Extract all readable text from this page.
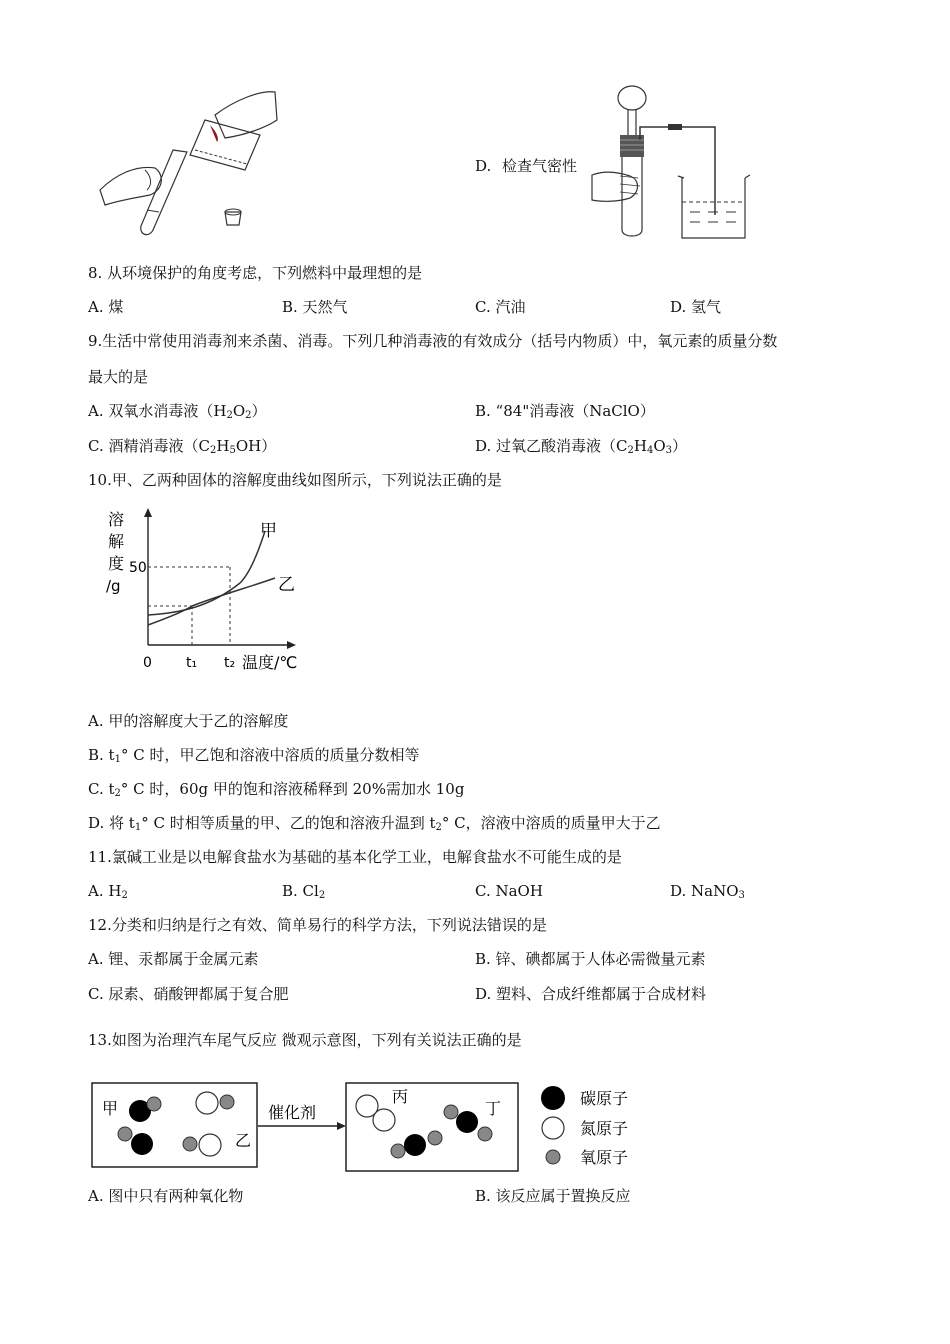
D. 检查气密性
8. 从环境保护的角度考虑，下列燃料中最理想的是
A. 煤	B. 天然气	C. 汽油	D. 氢气
9.生活中常使用消毒剂来杀菌、消毒。下列几种消毒液的有效成分（括号内物质）中，氧元素的质量分数
最大的是
A. 双氧水消毒液$(H_2O_2)$	B. “84"消毒液（NaClO）
C. 酒精消毒液$(C_2H_5OH)$	D. 过氧乙酸消毒液$(C_2H_4O_3)$
10.甲、乙两种固体的溶解度曲线如图所示，下列说法正确的是
溶
解
度
/g
50
0 t₁ t₂ 温度/℃
甲
乙
A. 甲的溶解度大于乙的溶解度
B. $t_1^\circ$ C 时，甲乙饱和溶液中溶质的质量分数相等
C. $t_2^\circ$ C 时，60g 甲的饱和溶液稀释到 20%需加水 10g
D. 将 $t_1^\circ$ C 时相等质量的甲、乙的饱和溶液升温到 $t_2^\circ$ C，溶液中溶质的质量甲大于乙
11.氯碱工业是以电解食盐水为基础的基本化学工业，电解食盐水不可能生成的是
A. $H_2$	B. $Cl_2$	C. NaOH	D. NaNO$_3$
12.分类和归纳是行之有效、简单易行的科学方法，下列说法错误的是
A. 锂、汞都属于金属元素	B. 锌、碘都属于人体必需微量元素
C. 尿素、硝酸钾都属于复合肥	D. 塑料、合成纤维都属于合成材料
13.如图为治理汽车尾气反应 微观示意图，下列有关说法正确的是
甲
乙
催化剂
丙
丁
碳原子
氮原子
氧原子
A. 图中只有两种氧化物	B. 该反应属于置换反应
